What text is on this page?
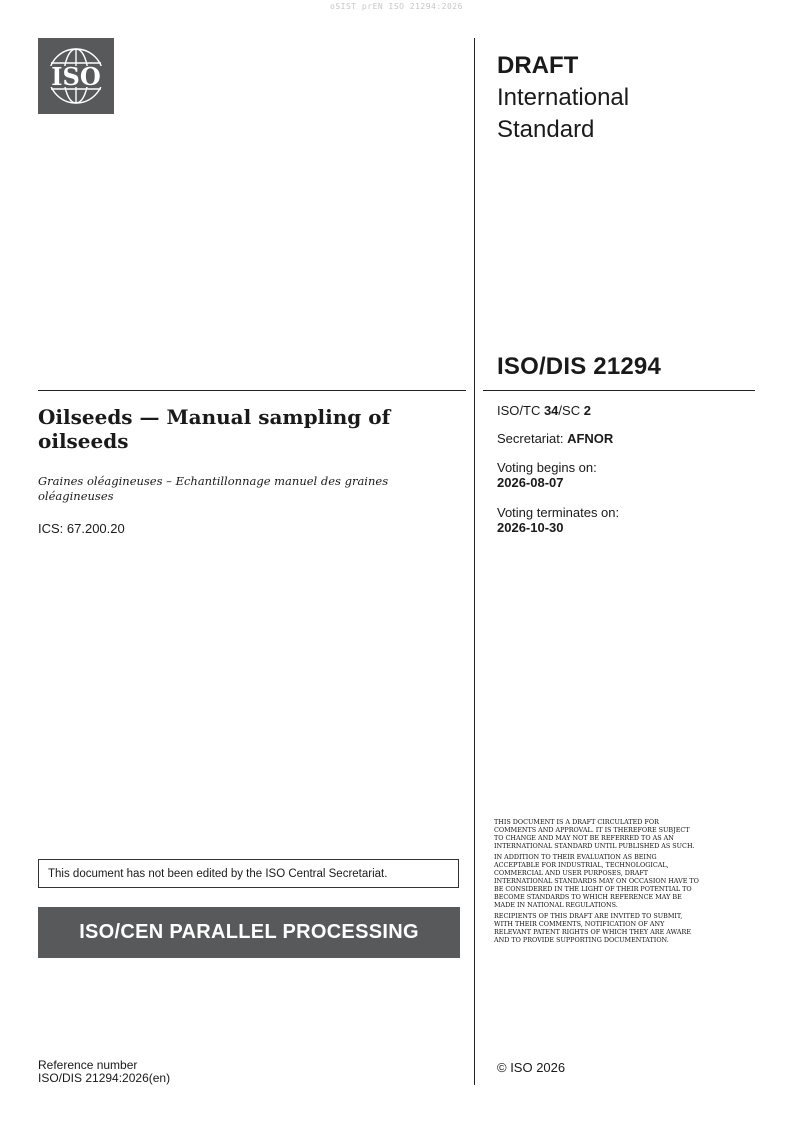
oSIST prEN ISO 21294:2026
ISO	DRAFT
International
Standard
ISO/DIS 21294
Oilseeds — Manual sampling of oilseeds
Graines oléagineuses – Echantillonnage manuel des graines oléagineuses
ICS: 67.200.20
ISO/TC 34/SC 2
Secretariat: AFNOR
Voting begins on:
2026-08-07
Voting terminates on:
2026-10-30
This document has not been edited by the ISO Central Secretariat.
ISO/CEN PARALLEL PROCESSING

THIS DOCUMENT IS A DRAFT CIRCULATED FOR COMMENTS AND APPROVAL. IT IS THEREFORE SUBJECT TO CHANGE AND MAY NOT BE REFERRED TO AS AN INTERNATIONAL STANDARD UNTIL PUBLISHED AS SUCH.

IN ADDITION TO THEIR EVALUATION AS BEING ACCEPTABLE FOR INDUSTRIAL, TECHNOLOGICAL, COMMERCIAL AND USER PURPOSES, DRAFT INTERNATIONAL STANDARDS MAY ON OCCASION HAVE TO BE CONSIDERED IN THE LIGHT OF THEIR POTENTIAL TO BECOME STANDARDS TO WHICH REFERENCE MAY BE MADE IN NATIONAL REGULATIONS.

RECIPIENTS OF THIS DRAFT ARE INVITED TO SUBMIT, WITH THEIR COMMENTS, NOTIFICATION OF ANY RELEVANT PATENT RIGHTS OF WHICH THEY ARE AWARE AND TO PROVIDE SUPPORTING DOCUMENTATION.

© ISO 2026
Reference number
ISO/DIS 21294:2026(en)
